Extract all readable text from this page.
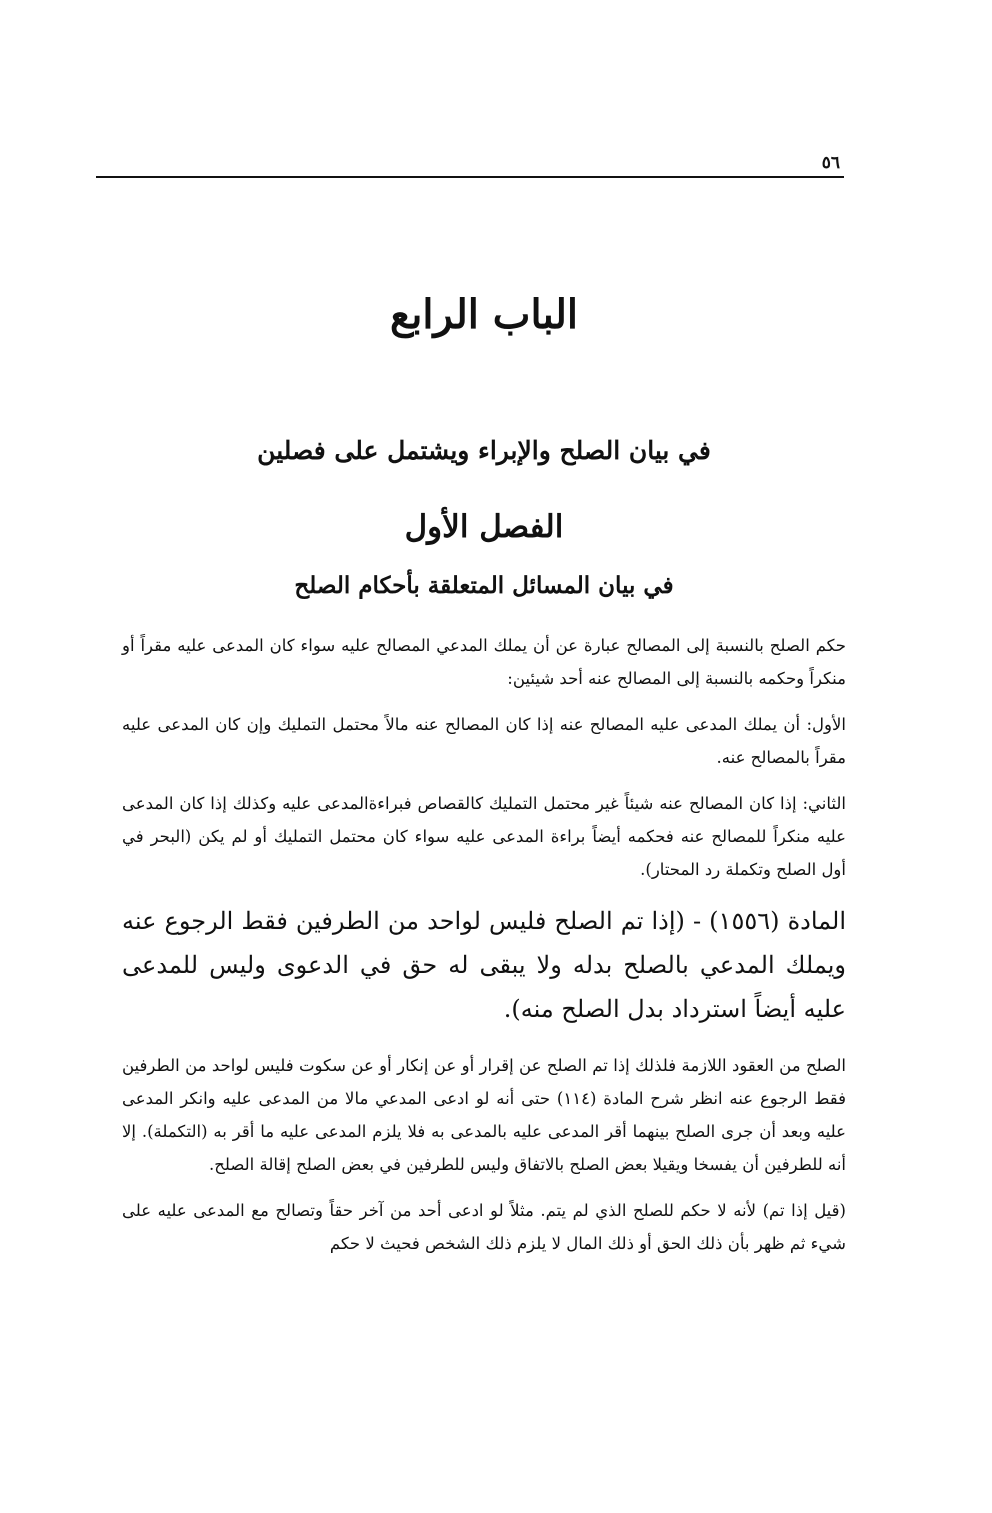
٥٦
الباب الرابع
في بيان الصلح والإبراء ويشتمل على فصلين
الفصل الأول
في بيان المسائل المتعلقة بأحكام الصلح

حكم الصلح بالنسبة إلى المصالح عبارة عن أن يملك المدعي المصالح عليه سواء كان المدعى عليه مقراً أو منكراً وحكمه بالنسبة إلى المصالح عنه أحد شيئين:

الأول: أن يملك المدعى عليه المصالح عنه إذا كان المصالح عنه مالاً محتمل التمليك وإن كان المدعى عليه مقراً بالمصالح عنه.

الثاني: إذا كان المصالح عنه شيئاً غير محتمل التمليك كالقصاص فبراءةالمدعى عليه وكذلك إذا كان المدعى عليه منكراً للمصالح عنه فحكمه أيضاً براءة المدعى عليه سواء كان محتمل التمليك أو لم يكن (البحر في أول الصلح وتكملة رد المحتار).

المادة (١٥٥٦) - (إذا تم الصلح فليس لواحد من الطرفين فقط الرجوع عنه ويملك المدعي بالصلح بدله ولا يبقى له حق في الدعوى وليس للمدعى عليه أيضاً استرداد بدل الصلح منه).

الصلح من العقود اللازمة فلذلك إذا تم الصلح عن إقرار أو عن إنكار أو عن سكوت فليس لواحد من الطرفين فقط الرجوع عنه انظر شرح المادة (١١٤) حتى أنه لو ادعى المدعي مالا من المدعى عليه وانكر المدعى عليه وبعد أن جرى الصلح بينهما أقر المدعى عليه بالمدعى به فلا يلزم المدعى عليه ما أقر به (التكملة). إلا أنه للطرفين أن يفسخا ويقيلا بعض الصلح بالاتفاق وليس للطرفين في بعض الصلح إقالة الصلح.

(قيل إذا تم) لأنه لا حكم للصلح الذي لم يتم. مثلاً لو ادعى أحد من آخر حقاً وتصالح مع المدعى عليه على شيء ثم ظهر بأن ذلك الحق أو ذلك المال لا يلزم ذلك الشخص فحيث لا حكم
